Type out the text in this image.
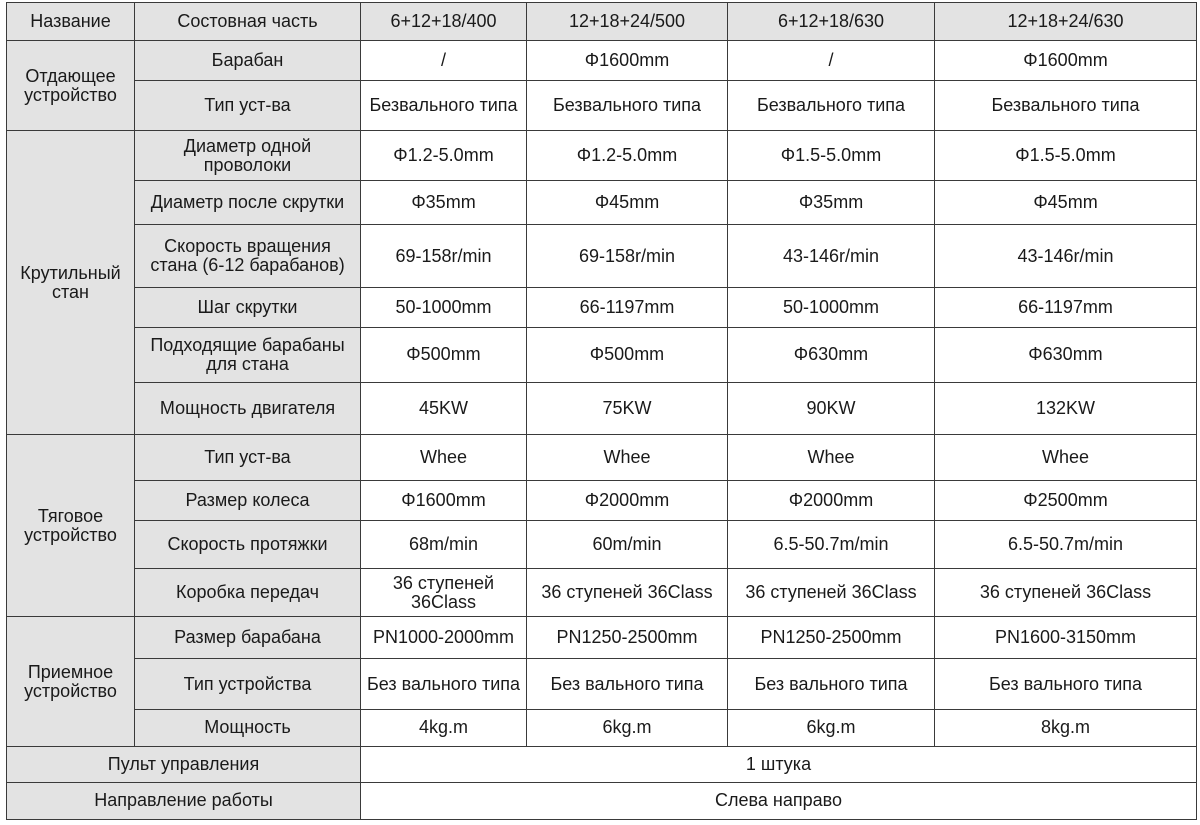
Название	Состовная часть	6+12+18/400	12+18+24/500	6+12+18/630	12+18+24/630
Отдающее устройство	Барабан	/	Φ1600mm	/	Φ1600mm
	Тип уст-ва	Безвального типа	Безвального типа	Безвального типа	Безвального типа
Крутильный стан	Диаметр одной проволоки	Φ1.2-5.0mm	Φ1.2-5.0mm	Φ1.5-5.0mm	Φ1.5-5.0mm
	Диаметр после скрутки	Φ35mm	Φ45mm	Φ35mm	Φ45mm
	Скорость вращения стана (6-12 барабанов)	69-158r/min	69-158r/min	43-146r/min	43-146r/min
	Шаг скрутки	50-1000mm	66-1197mm	50-1000mm	66-1197mm
	Подходящие барабаны для стана	Φ500mm	Φ500mm	Φ630mm	Φ630mm
	Мощность двигателя	45KW	75KW	90KW	132KW
Тяговое устройство	Тип уст-ва	Whee	Whee	Whee	Whee
	Размер колеса	Φ1600mm	Φ2000mm	Φ2000mm	Φ2500mm
	Скорость протяжки	68m/min	60m/min	6.5-50.7m/min	6.5-50.7m/min
	Коробка передач	36 ступеней 36Class	36 ступеней 36Class	36 ступеней 36Class	36 ступеней 36Class
Приемное устройство	Размер барабана	PN1000-2000mm	PN1250-2500mm	PN1250-2500mm	PN1600-3150mm
	Тип устройства	Без вального типа	Без вального типа	Без вального типа	Без вального типа
	Мощность	4kg.m	6kg.m	6kg.m	8kg.m
Пульт управления		1 штука			
Направление работы		Слева направо			
